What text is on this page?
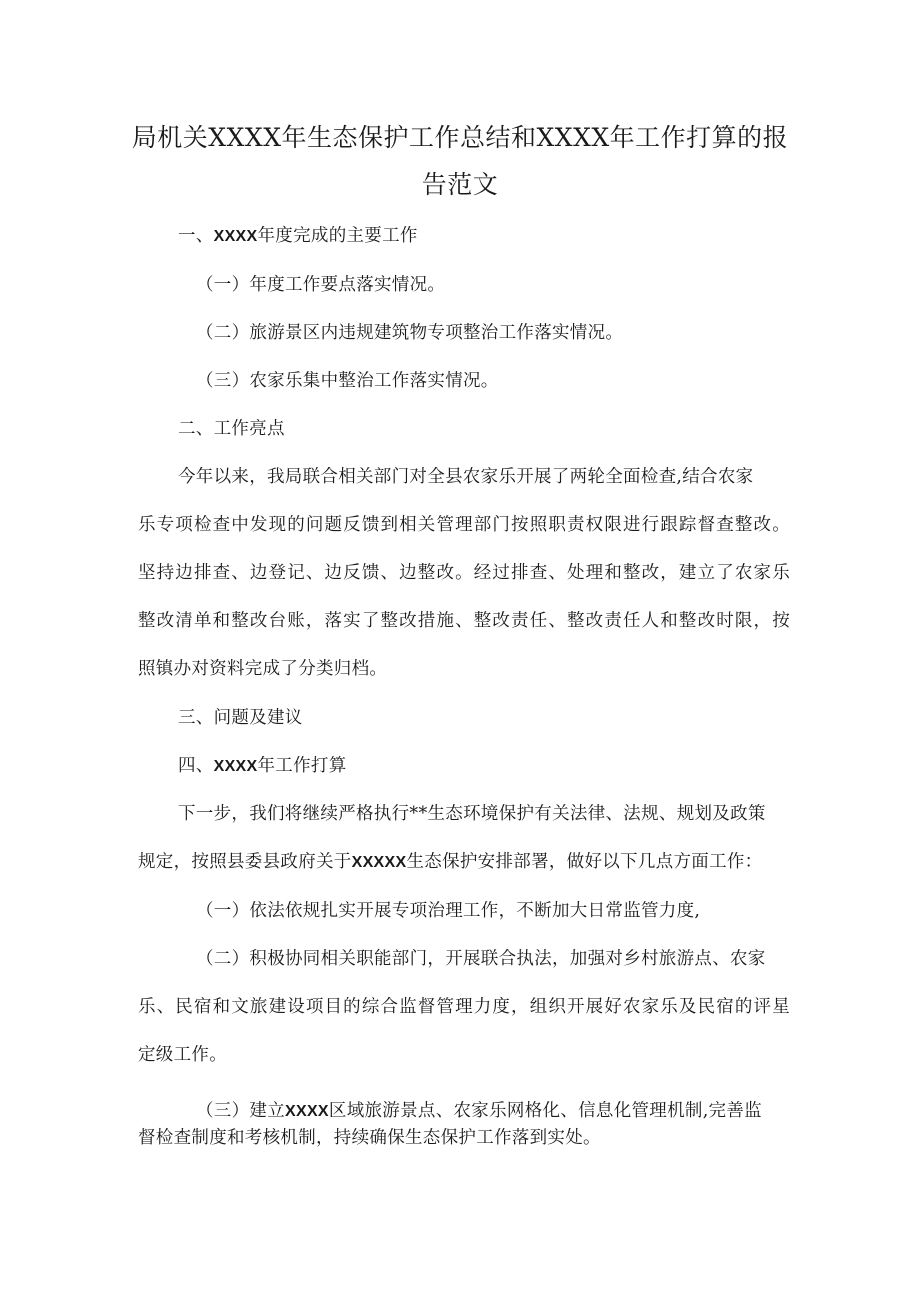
局机关XXXX年生态保护工作总结和XXXX年工作打算的报
告范文
一、XXXX年度完成的主要工作
（一）年度工作要点落实情况。
（二）旅游景区内违规建筑物专项整治工作落实情况。
（三）农家乐集中整治工作落实情况。
二、工作亮点
今年以来，我局联合相关部门对全县农家乐开展了两轮全面检查,结合农家
乐专项检查中发现的问题反馈到相关管理部门按照职责权限进行跟踪督查整改。
坚持边排查、边登记、边反馈、边整改。经过排查、处理和整改，建立了农家乐
整改清单和整改台账，落实了整改措施、整改责任、整改责任人和整改时限，按
照镇办对资料完成了分类归档。
三、问题及建议
四、XXXX年工作打算
下一步，我们将继续严格执行**生态环境保护有关法律、法规、规划及政策
规定，按照县委县政府关于XXXXX生态保护安排部署，做好以下几点方面工作：
（一）依法依规扎实开展专项治理工作，不断加大日常监管力度,
（二）积极协同相关职能部门，开展联合执法，加强对乡村旅游点、农家
乐、民宿和文旅建设项目的综合监督管理力度，组织开展好农家乐及民宿的评星
定级工作。
（三）建立XXXX区域旅游景点、农家乐网格化、信息化管理机制,完善监
督检查制度和考核机制，持续确保生态保护工作落到实处。
